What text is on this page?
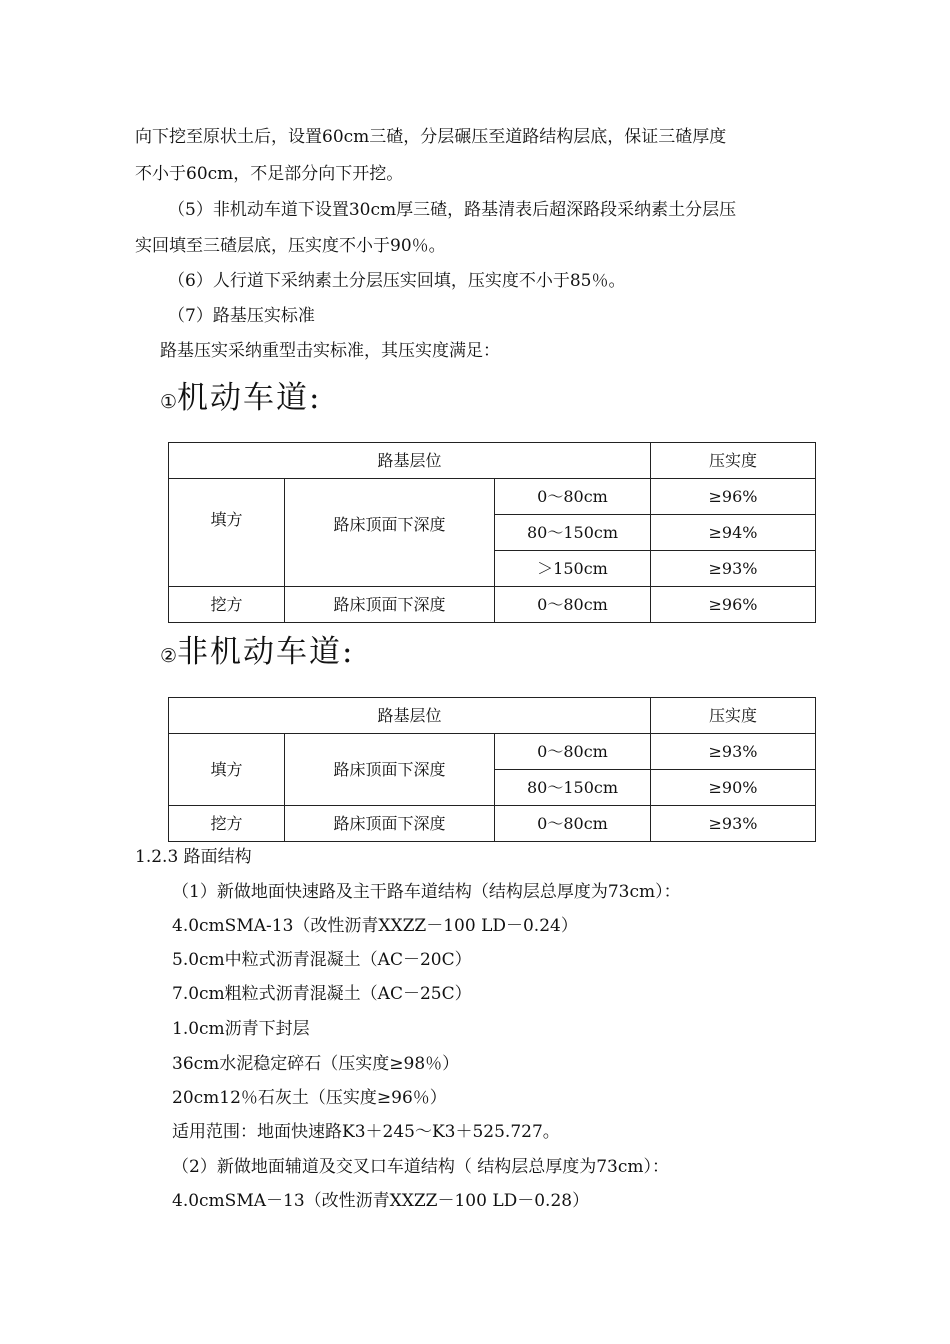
向下挖至原状土后，设置60cm三碴，分层碾压至道路结构层底，保证三碴厚度
不小于60cm，不足部分向下开挖。
（5）非机动车道下设置30cm厚三碴，路基清表后超深路段采纳素土分层压
实回填至三碴层底，压实度不小于90％。
（6）人行道下采纳素土分层压实回填，压实度不小于85％。
（7）路基压实标准
路基压实采纳重型击实标准，其压实度满足：
①机动车道:
路基层位			压实度
填方	路床顶面下深度	0～80cm	≥96%
		80～150cm	≥94%
		＞150cm	≥93%
挖方	路床顶面下深度	0～80cm	≥96%
②非机动车道:
路基层位			压实度
填方	路床顶面下深度	0～80cm	≥93%
		80～150cm	≥90%
挖方	路床顶面下深度	0～80cm	≥93%
1.2.3 路面结构
（1）新做地面快速路及主干路车道结构（结构层总厚度为73cm）：
4.0cmSMA-13（改性沥青XXZZ－100 LD－0.24）
5.0cm中粒式沥青混凝土（AC－20C）
7.0cm粗粒式沥青混凝土（AC－25C）
1.0cm沥青下封层
36cm水泥稳定碎石（压实度≥98％）
20cm12％石灰土（压实度≥96％）
适用范围：地面快速路K3＋245～K3＋525.727。
（2）新做地面辅道及交叉口车道结构（ 结构层总厚度为73cm）：
4.0cmSMA－13（改性沥青XXZZ－100 LD－0.28）
